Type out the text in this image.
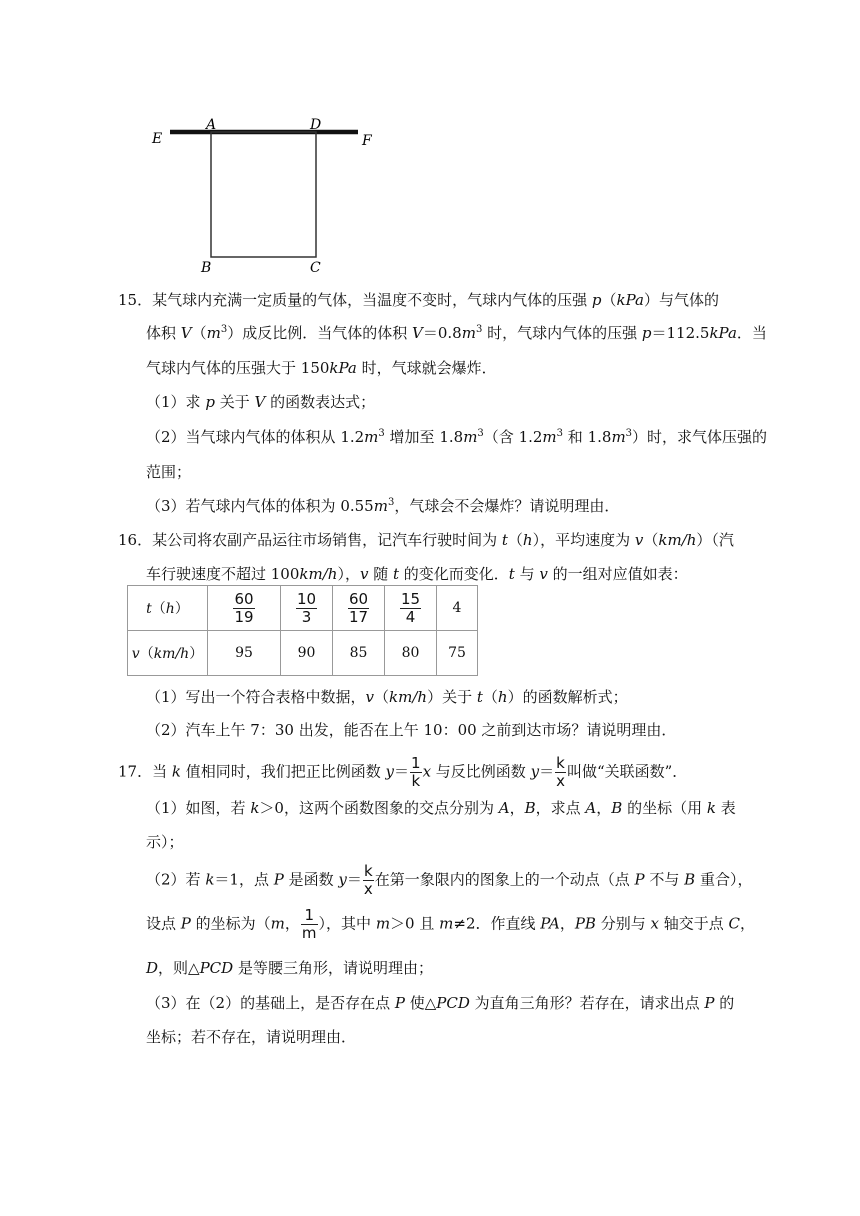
E
A	D
F
B	C
15．某气球内充满一定质量的气体，当温度不变时，气球内气体的压强 p（kPa）与气体的
体积 $V(m^3)$成反比例．当气体的体积 $V=0.8m^3$ 时，气球内气体的压强 p＝112.5kPa．当
气球内气体的压强大于 150kPa 时，气球就会爆炸．
（1）求 p 关于 V 的函数表达式；
（2）当气球内气体的体积从 $1.2m^3$ 增加至 $1.8m^3$（含 $1.2m^3$ 和 $1.8m^3$）时，求气体压强的
范围；
（3）若气球内气体的体积为 $0.55m^3$，气球会不会爆炸？请说明理由．
16．某公司将农副产品运往市场销售，记汽车行驶时间为 t（h），平均速度为 v（km/h）（汽
车行驶速度不超过 100km/h），v 随 t 的变化而变化．t 与 v 的一组对应值如表：
t（h）	$\frac{60}{19}$	$\frac{10}{3}$	$\frac{60}{17}$	$\frac{15}{4}$	4
v（km/h）	95	90	85	80	75
（1）写出一个符合表格中数据，v（km/h）关于 t（h）的函数解析式；
（2）汽车上午 7：30 出发，能否在上午 10：00 之前到达市场？请说明理由．
17．当 k 值相同时，我们把正比例函数 $y= \frac{1}{k}$ x 与反比例函数 $y= \frac{k}{x}$ 叫做“关联函数”．
（1）如图，若 k＞0，这两个函数图象的交点分别为 A，B，求点 A，B 的坐标（用 k 表
示）；
（2）若 k＝1，点 P 是函数 $y= \frac{k}{x}$ 在第一象限内的图象上的一个动点（点 P 不与 B 重合），
设点 P 的坐标为（m， $\frac{1}{m}$ ），其中 m＞0 且 m≠2．作直线 PA，PB 分别与 x 轴交于点 C，
D，则△PCD 是等腰三角形，请说明理由；
（3）在（2）的基础上，是否存在点 P 使△PCD 为直角三角形？若存在，请求出点 P 的
坐标；若不存在，请说明理由．
